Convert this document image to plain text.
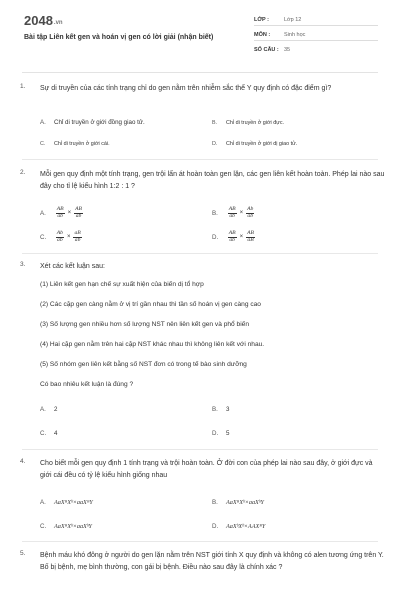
2048.vn
Bài tập Liên kết gen và hoán vị gen có lời giải (nhận biết)
LỚP :	Lớp 12
MÔN :	Sinh học
SỐ CÂU : 35
1. Sự di truyền của các tính trạng chỉ do gen nằm trên nhiễm sắc thể Y quy định có đặc điểm gì?
A. Chỉ di truyền ở giới đồng giao tử.	B. Chỉ di truyền ở giới đực.
C. Chỉ di truyền ở giới cái.	D. Chỉ di truyền ở giới dị giao tử.
2. Mỗi gen quy định một tính trạng, gen trội lấn át hoàn toàn gen lặn, các gen liên kết hoàn toàn. Phép lai nào sau đây cho tỉ lệ kiểu hình 1:2 : 1 ?
A. $\frac{AB}{ab} \times \frac{AB}{ab}$	B. $\frac{AB}{ab} \times \frac{Ab}{ab}$
C. $\frac{Ab}{ab} \times \frac{aB}{ab}$	D. $\frac{AB}{ab} \times \frac{AB}{aB}$
3. Xét các kết luận sau:
(1) Liên kết gen hạn chế sự xuất hiện của biến dị tổ hợp
(2) Các cặp gen càng nằm ở vị trí gần nhau thì tần số hoán vị gen càng cao
(3) Số lượng gen nhiều hơn số lượng NST nên liên kết gen và phổ biến
(4) Hai cặp gen nằm trên hai cặp NST khác nhau thì không liên kết với nhau.
(5) Số nhóm gen liên kết bằng số NST đơn có trong tế bào sinh dưỡng
Có bao nhiêu kết luận là đúng ?
A. 2	B. 3
C. 4	D. 5
4. Cho biết mỗi gen quy định 1 tính trạng và trội hoàn toàn. Ở đời con của phép lai nào sau đây, ở giới đực và giới cái đều có tỷ lệ kiểu hình giống nhau
A. AaXᴮXᵇ×aaXᴮY	B. AaXᴮXᵇ×aaXᵇY
C. AaXᴮXᵇ×aaXᵇY	D. AaXᵇXᵇ×AAXᴮY
5. Bệnh máu khó đông ở người do gen lặn nằm trên NST giới tính X quy định và không có alen tương ứng trên Y. Bố bị bệnh, mẹ bình thường, con gái bị bệnh. Điều nào sau đây là chính xác ?
